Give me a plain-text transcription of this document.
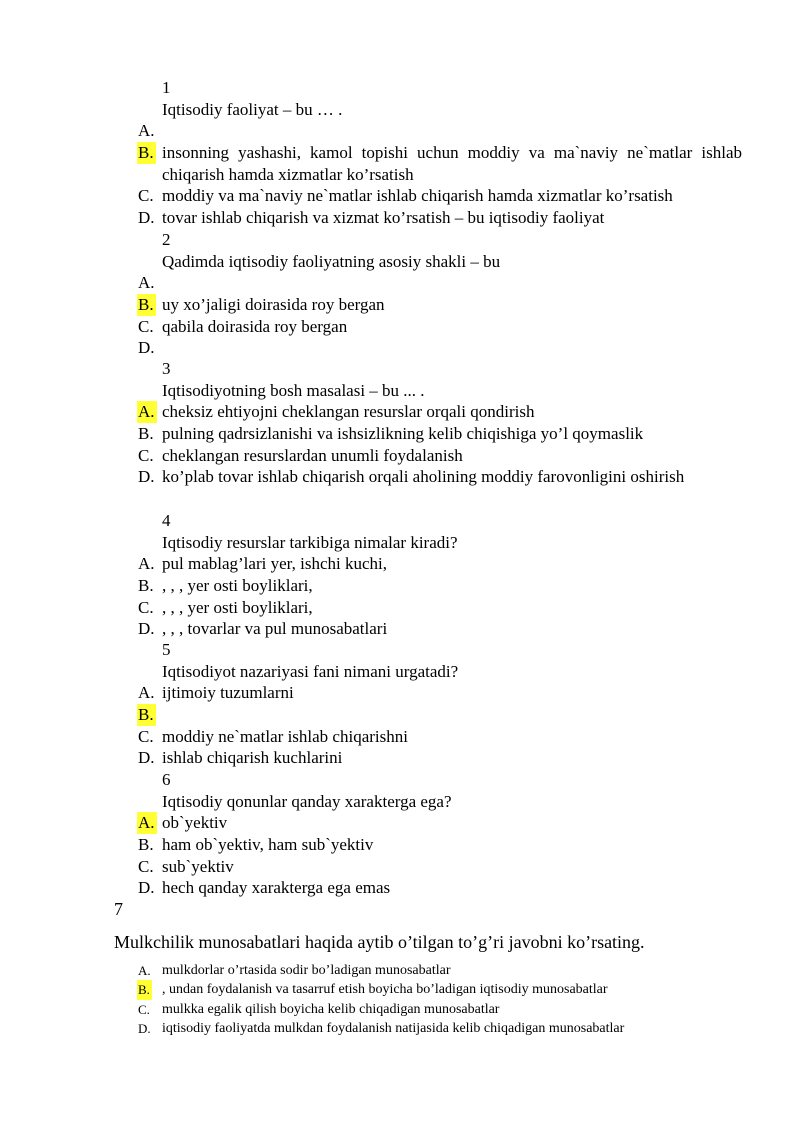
1
Iqtisodiy faoliyat – bu … .
A.
B. insonning yashashi, kamol topishi uchun moddiy va ma`naviy ne`matlar ishlab chiqarish hamda xizmatlar ko’rsatish
C. moddiy va ma`naviy ne`matlar ishlab chiqarish hamda xizmatlar ko’rsatish
D. tovar ishlab chiqarish va xizmat ko’rsatish – bu iqtisodiy faoliyat
2
Qadimda iqtisodiy faoliyatning asosiy shakli – bu
A.
B. uy xo’jaligi doirasida roy bergan
C. qabila doirasida roy bergan
D.
3
Iqtisodiyotning bosh masalasi – bu ... .
A. cheksiz ehtiyojni cheklangan resurslar orqali qondirish
B. pulning qadrsizlanishi va ishsizlikning kelib chiqishiga yo’l qoymaslik
C. cheklangan resurslardan unumli foydalanish
D. ko’plab tovar ishlab chiqarish orqali aholining moddiy farovonligini oshirish
4
Iqtisodiy resurslar tarkibiga nimalar kiradi?
A. pul mablag’lari yer, ishchi kuchi,
B. , , , yer osti boyliklari,
C. , , , yer osti boyliklari,
D. , , , tovarlar va pul munosabatlari
5
Iqtisodiyot nazariyasi fani nimani urgatadi?
A. ijtimoiy tuzumlarni
B.
C. moddiy ne`matlar ishlab chiqarishni
D. ishlab chiqarish kuchlarini
6
Iqtisodiy qonunlar qanday xarakterga ega?
A. ob`yektiv
B. ham ob`yektiv, ham sub`yektiv
C. sub`yektiv
D. hech qanday xarakterga ega emas
7
Mulkchilik munosabatlari haqida aytib o’tilgan to’g’ri javobni ko’rsating.
A. mulkdorlar o’rtasida sodir bo’ladigan munosabatlar
B. , undan foydalanish va tasarruf etish boyicha bo’ladigan iqtisodiy munosabatlar
C. mulkka egalik qilish boyicha kelib chiqadigan munosabatlar
D. iqtisodiy faoliyatda mulkdan foydalanish natijasida kelib chiqadigan munosabatlar
